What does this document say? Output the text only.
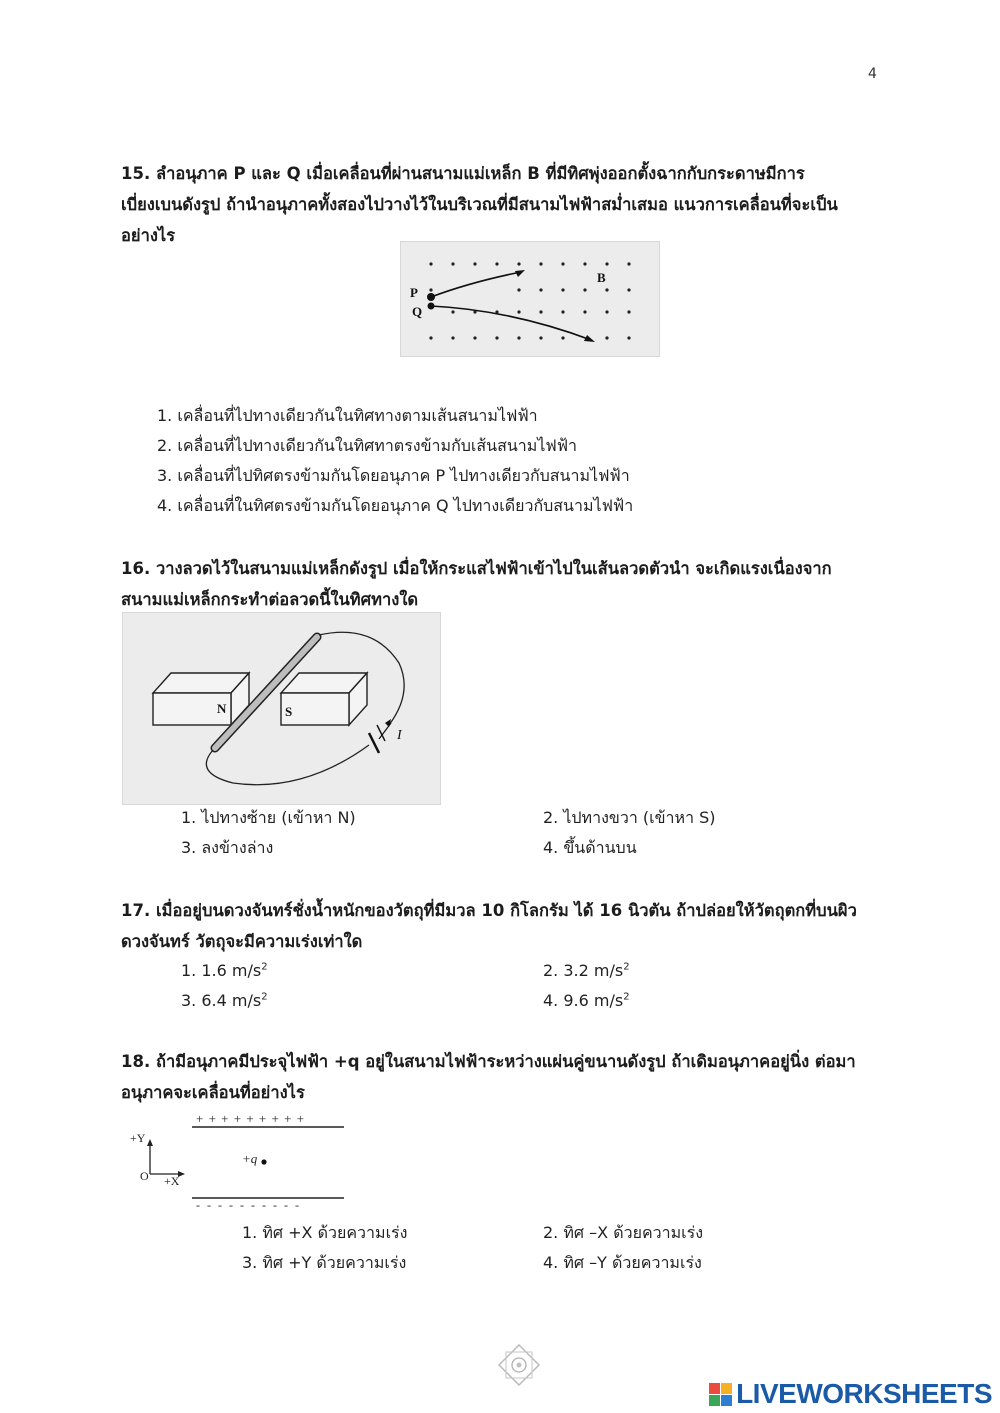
4
15. ลำอนุภาค P และ Q เมื่อเคลื่อนที่ผ่านสนามแม่เหล็ก B ที่มีทิศพุ่งออกตั้งฉากกับกระดาษมีการ
เบี่ยงเบนดังรูป ถ้านำอนุภาคทั้งสองไปวางไว้ในบริเวณที่มีสนามไฟฟ้าสม่ำเสมอ แนวการเคลื่อนที่จะเป็น
อย่างไร
P
Q
B
1. เคลื่อนที่ไปทางเดียวกันในทิศทางตามเส้นสนามไฟฟ้า
2. เคลื่อนที่ไปทางเดียวกันในทิศทาตรงข้ามกับเส้นสนามไฟฟ้า
3. เคลื่อนที่ไปทิศตรงข้ามกันโดยอนุภาค P ไปทางเดียวกับสนามไฟฟ้า
4. เคลื่อนที่ในทิศตรงข้ามกันโดยอนุภาค Q ไปทางเดียวกับสนามไฟฟ้า
16. วางลวดไว้ในสนามแม่เหล็กดังรูป เมื่อให้กระแสไฟฟ้าเข้าไปในเส้นลวดตัวนำ จะเกิดแรงเนื่องจาก
สนามแม่เหล็กกระทำต่อลวดนี้ในทิศทางใด
N	S
I
1. ไปทางซ้าย (เข้าหา N)
3. ลงข้างล่าง
2. ไปทางขวา (เข้าหา S)
4. ขึ้นด้านบน
17. เมื่ออยู่บนดวงจันทร์ชั่งน้ำหนักของวัตถุที่มีมวล 10 กิโลกรัม ได้ 16 นิวตัน ถ้าปล่อยให้วัตถุตกที่บนผิว
ดวงจันทร์ วัตถุจะมีความเร่งเท่าใด
1. 1.6 $m/s^2$
3. 6.4 $m/s^2$
2. 3.2 $m/s^2$
4. 9.6 $m/s^2$
18. ถ้ามีอนุภาคมีประจุไฟฟ้า +q อยู่ในสนามไฟฟ้าระหว่างแผ่นคู่ขนานดังรูป ถ้าเดิมอนุภาคอยู่นิ่ง ต่อมา
อนุภาคจะเคลื่อนที่อย่างไร
+ + + + + + + + +
- - - - - - - - - -
+Y
+X
O
+q
1. ทิศ +X ด้วยความเร่ง
3. ทิศ +Y ด้วยความเร่ง
2. ทิศ –X ด้วยความเร่ง
4. ทิศ –Y ด้วยความเร่ง
LIVEWORKSHEETS
